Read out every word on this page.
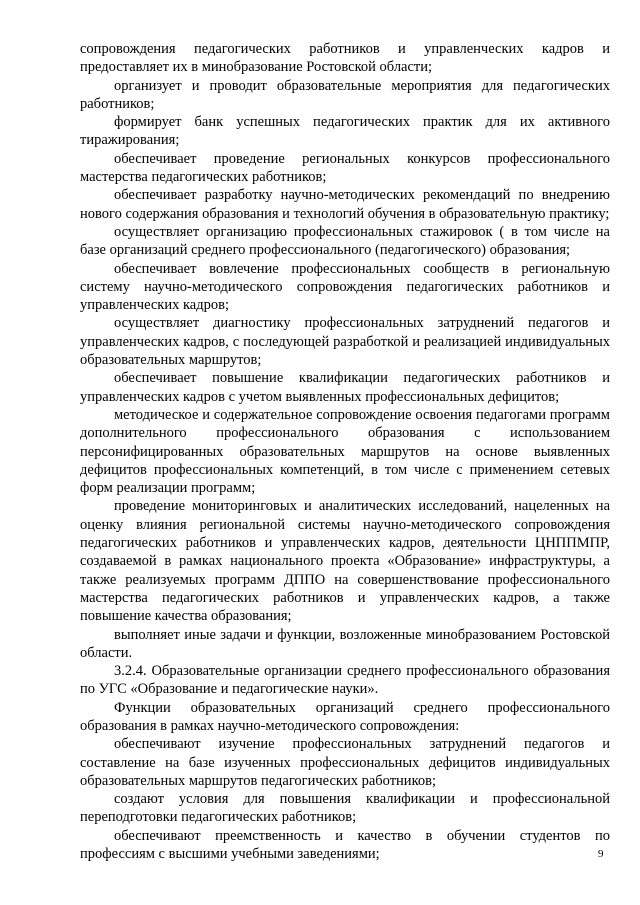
сопровождения педагогических работников и управленческих кадров и предоставляет их в минобразование Ростовской области;

организует и проводит образовательные мероприятия для педагогических работников;

формирует банк успешных педагогических практик для их активного тиражирования;

обеспечивает проведение региональных конкурсов профессионального мастерства педагогических работников;

обеспечивает разработку научно-методических рекомендаций по внедрению нового содержания образования и технологий обучения в образовательную практику;

осуществляет организацию профессиональных стажировок ( в том числе на базе организаций среднего профессионального (педагогического) образования;

обеспечивает вовлечение профессиональных сообществ в региональную систему научно-методического сопровождения педагогических работников и управленческих кадров;

осуществляет диагностику профессиональных затруднений педагогов и управленческих кадров, с последующей разработкой и реализацией индивидуальных образовательных маршрутов;

обеспечивает повышение квалификации педагогических работников и управленческих кадров с учетом выявленных профессиональных дефицитов;

методическое и содержательное сопровождение освоения педагогами программ дополнительного профессионального образования с использованием персонифицированных образовательных маршрутов на основе выявленных дефицитов профессиональных компетенций, в том числе с применением сетевых форм реализации программ;

проведение мониторинговых и аналитических исследований, нацеленных на оценку влияния региональной системы научно-методического сопровождения педагогических работников и управленческих кадров, деятельности ЦНППМПР, создаваемой в рамках национального проекта «Образование» инфраструктуры, а также реализуемых программ ДППО на совершенствование профессионального мастерства педагогических работников и управленческих кадров, а также повышение качества образования;

выполняет иные задачи и функции, возложенные минобразованием Ростовской области.

3.2.4. Образовательные организации среднего профессионального образования по УГС «Образование и педагогические науки».

Функции образовательных организаций среднего профессионального образования в рамках научно-методического сопровождения:

обеспечивают изучение профессиональных затруднений педагогов и составление на базе изученных профессиональных дефицитов индивидуальных образовательных маршрутов педагогических работников;

создают условия для повышения квалификации и профессиональной переподготовки педагогических работников;

обеспечивают преемственность и качество в обучении студентов по профессиям с высшими учебными заведениями;	9
